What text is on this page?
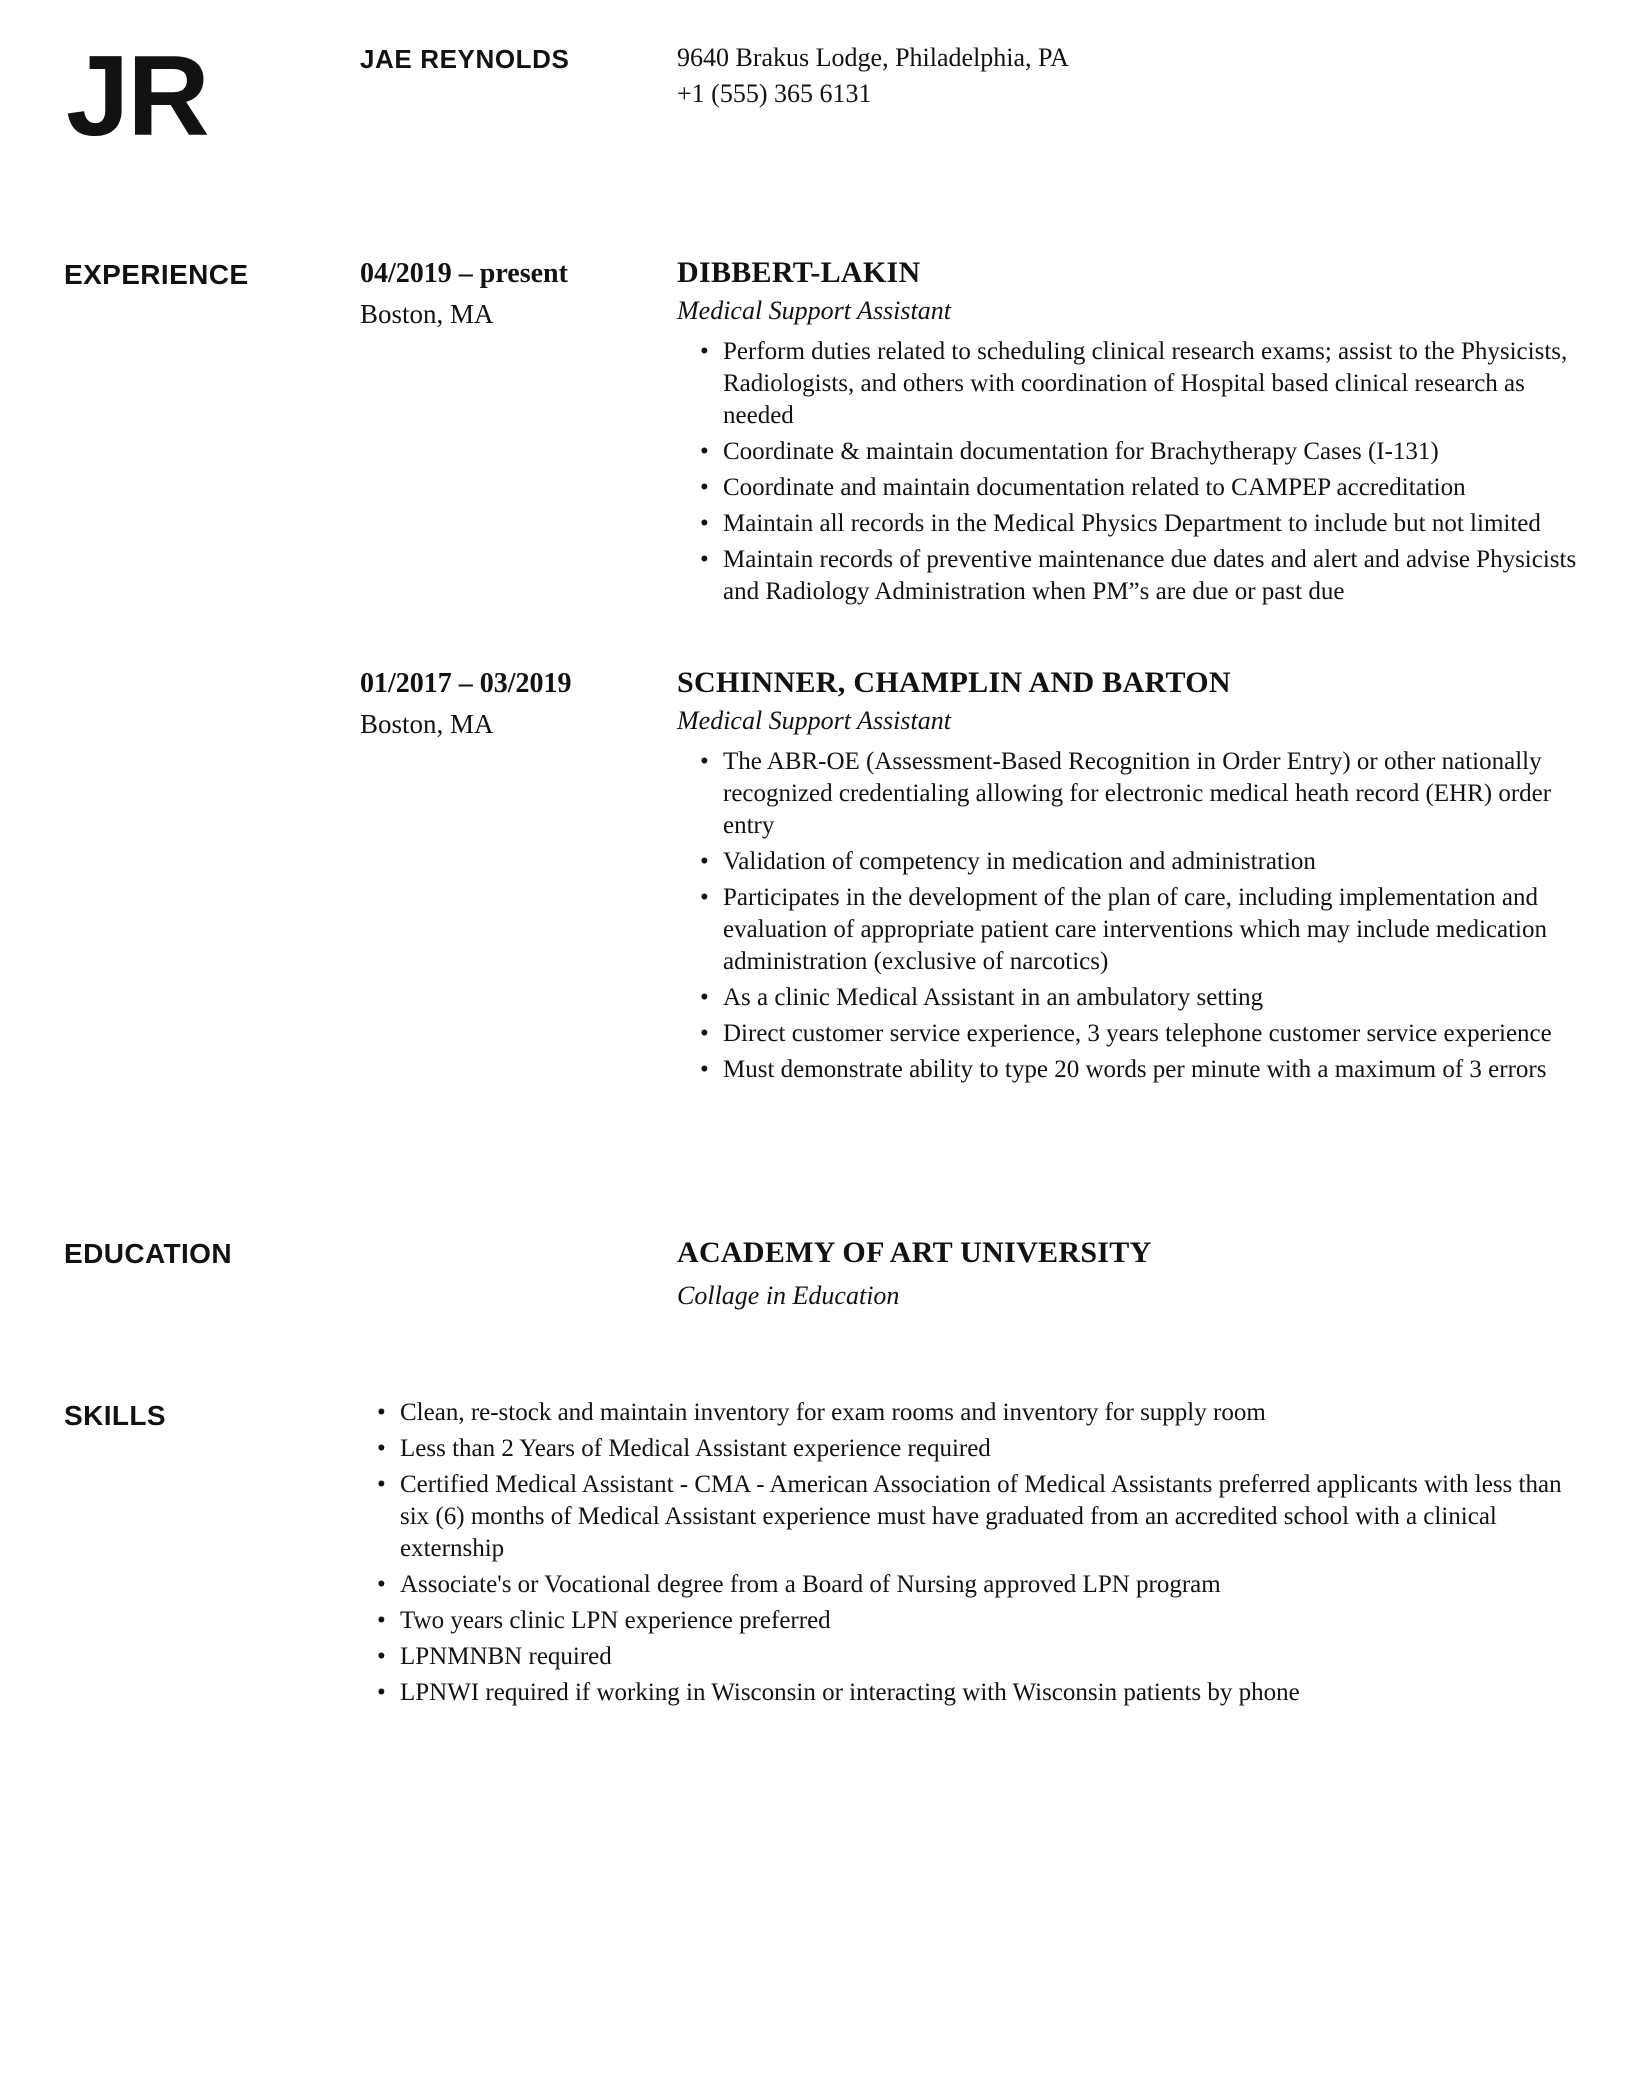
JR	JAE REYNOLDS	9640 Brakus Lodge, Philadelphia, PA
+1 (555) 365 6131
EXPERIENCE	04/2019 – present
Boston, MA
DIBBERT-LAKIN
Medical Support Assistant
• Perform duties related to scheduling clinical research exams; assist to the Physicists, Radiologists, and others with coordination of Hospital based clinical research as needed
• Coordinate & maintain documentation for Brachytherapy Cases (I-131)
• Coordinate and maintain documentation related to CAMPEP accreditation
• Maintain all records in the Medical Physics Department to include but not limited
• Maintain records of preventive maintenance due dates and alert and advise Physicists and Radiology Administration when PM”s are due or past due
01/2017 – 03/2019
Boston, MA
SCHINNER, CHAMPLIN AND BARTON
Medical Support Assistant
• The ABR-OE (Assessment-Based Recognition in Order Entry) or other nationally recognized credentialing allowing for electronic medical heath record (EHR) order entry
• Validation of competency in medication and administration
• Participates in the development of the plan of care, including implementation and evaluation of appropriate patient care interventions which may include medication administration (exclusive of narcotics)
• As a clinic Medical Assistant in an ambulatory setting
• Direct customer service experience, 3 years telephone customer service experience
• Must demonstrate ability to type 20 words per minute with a maximum of 3 errors
EDUCATION	ACADEMY OF ART UNIVERSITY
Collage in Education
SKILLS	• Clean, re-stock and maintain inventory for exam rooms and inventory for supply room
• Less than 2 Years of Medical Assistant experience required
• Certified Medical Assistant - CMA - American Association of Medical Assistants preferred applicants with less than six (6) months of Medical Assistant experience must have graduated from an accredited school with a clinical externship
• Associate's or Vocational degree from a Board of Nursing approved LPN program
• Two years clinic LPN experience preferred
• LPNMNBN required
• LPNWI required if working in Wisconsin or interacting with Wisconsin patients by phone
